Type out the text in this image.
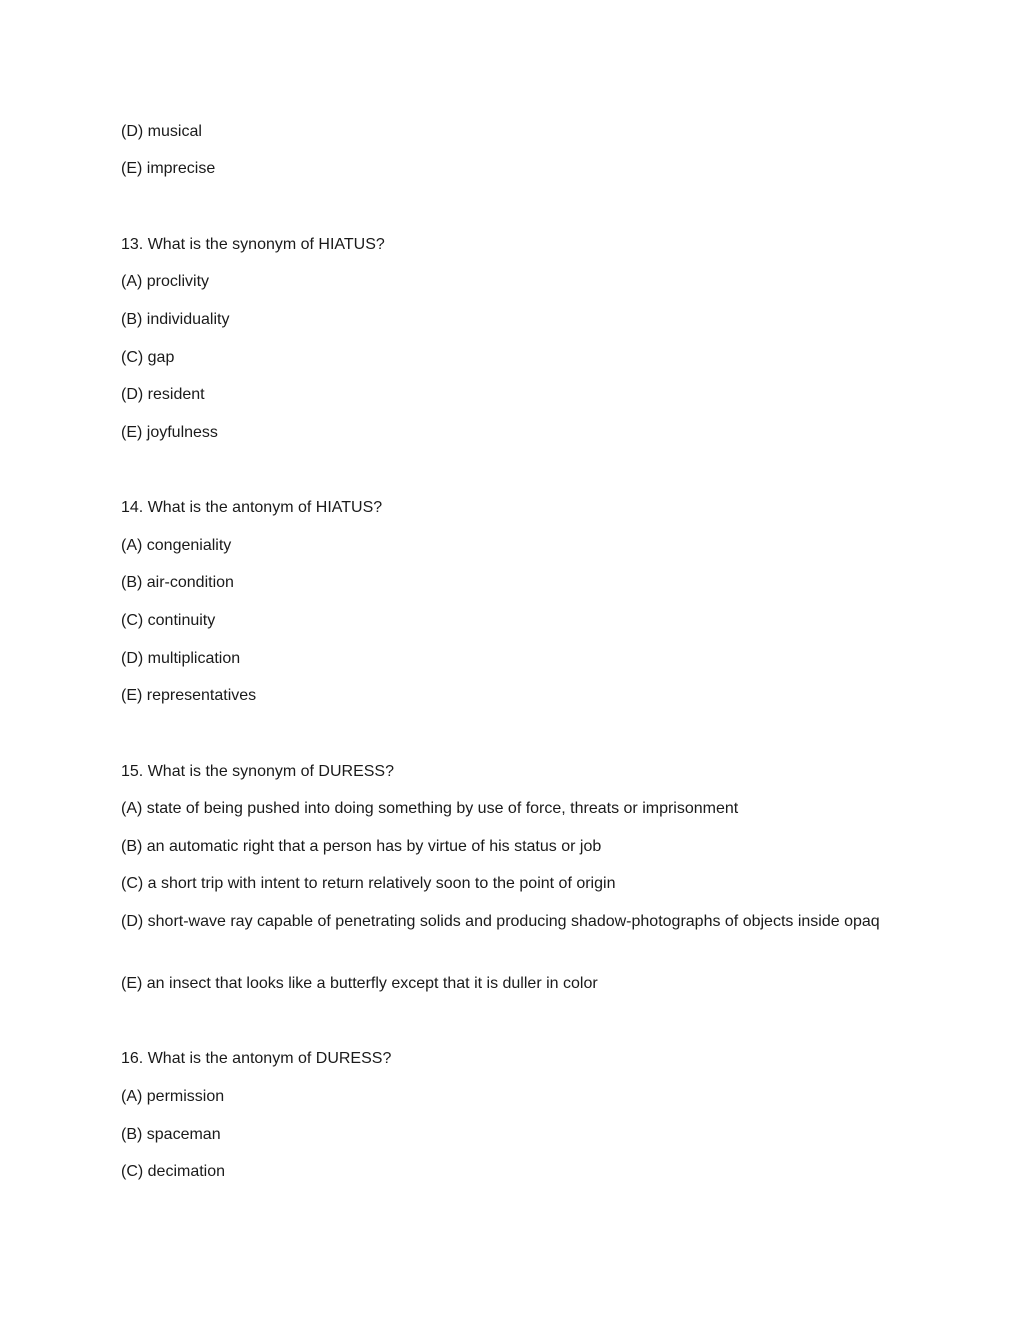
(D) musical
(E) imprecise
13. What is the synonym of HIATUS?
(A) proclivity
(B) individuality
(C) gap
(D) resident
(E) joyfulness
14. What is the antonym of HIATUS?
(A) congeniality
(B) air-condition
(C) continuity
(D) multiplication
(E) representatives
15. What is the synonym of DURESS?
(A) state of being pushed into doing something by use of force, threats or imprisonment
(B) an automatic right that a person has by virtue of his status or job
(C) a short trip with intent to return relatively soon to the point of origin
(D) short-wave ray capable of penetrating solids and producing shadow-photographs of objects inside opaq
(E) an insect that looks like a butterfly except that it is duller in color
16. What is the antonym of DURESS?
(A) permission
(B) spaceman
(C) decimation
